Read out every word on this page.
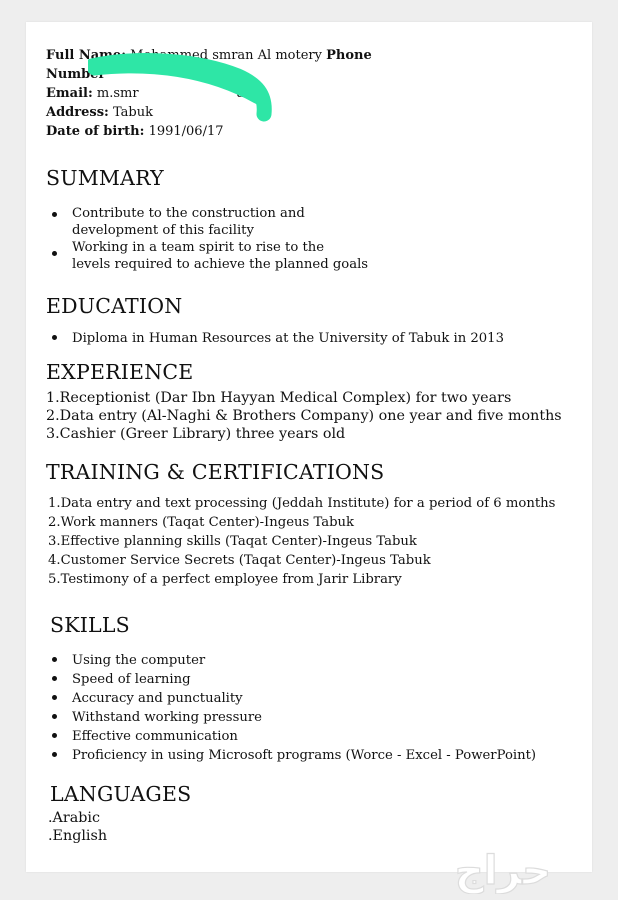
Full Name: Mohammed smran Al motery Phone
Number
Email: m.smr	a
Address: Tabuk
Date of birth: 1991/06/17
SUMMARY
Contribute to the construction and
development of this facility
Working in a team spirit to rise to the
levels required to achieve the planned goals
EDUCATION
Diploma in Human Resources at the University of Tabuk in 2013
EXPERIENCE
1.Receptionist (Dar Ibn Hayyan Medical Complex) for two years
2.Data entry (Al-Naghi & Brothers Company) one year and five months
3.Cashier (Greer Library) three years old
TRAINING & CERTIFICATIONS
1.Data entry and text processing (Jeddah Institute) for a period of 6 months
2.Work manners (Taqat Center)-Ingeus Tabuk
3.Effective planning skills (Taqat Center)-Ingeus Tabuk
4.Customer Service Secrets (Taqat Center)-Ingeus Tabuk
5.Testimony of a perfect employee from Jarir Library
SKILLS
Using the computer
Speed of learning
Accuracy and punctuality
Withstand working pressure
Effective communication
Proficiency in using Microsoft programs (Worce - Excel - PowerPoint)
LANGUAGES
.Arabic
.English
حراج
